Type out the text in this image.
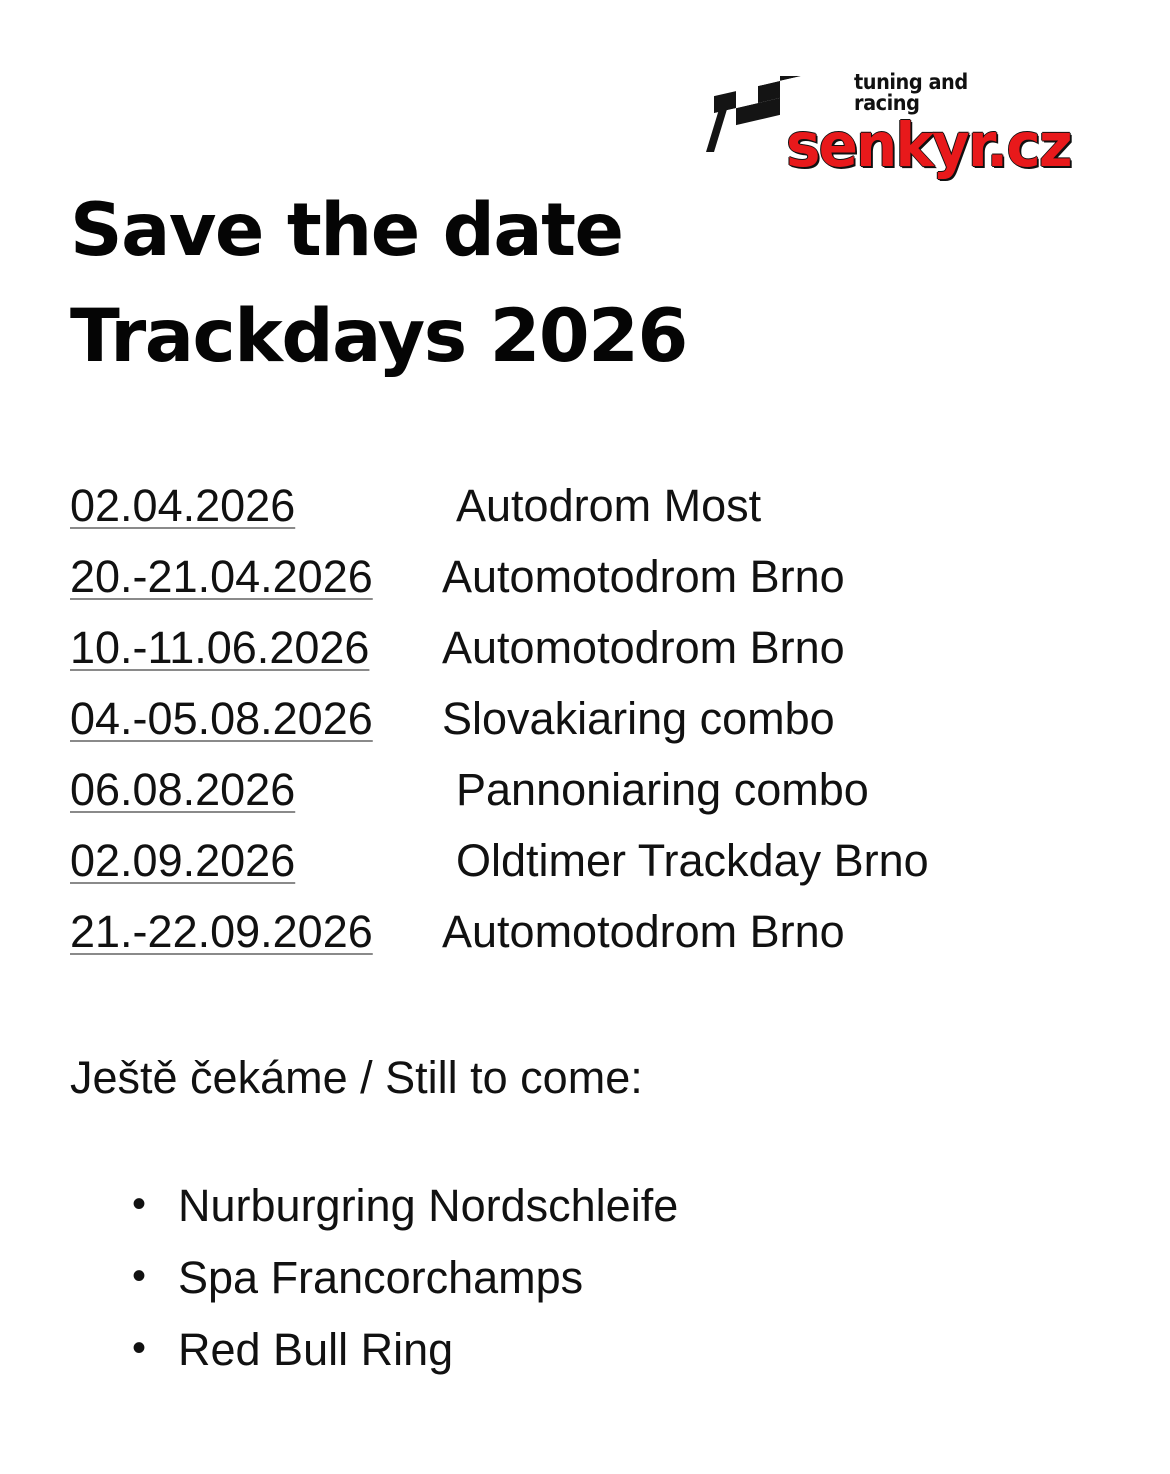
tuning and racing
senkyr.cz
Save the date
Trackdays 2026
02.04.2026	Autodrom Most
20.-21.04.2026	Automotodrom Brno
10.-11.06.2026	Automotodrom Brno
04.-05.08.2026	Slovakiaring combo
06.08.2026	Pannoniaring combo
02.09.2026	Oldtimer Trackday Brno
21.-22.09.2026	Automotodrom Brno
Ještě čekáme / Still to come:
• Nurburgring Nordschleife
• Spa Francorchamps
• Red Bull Ring
